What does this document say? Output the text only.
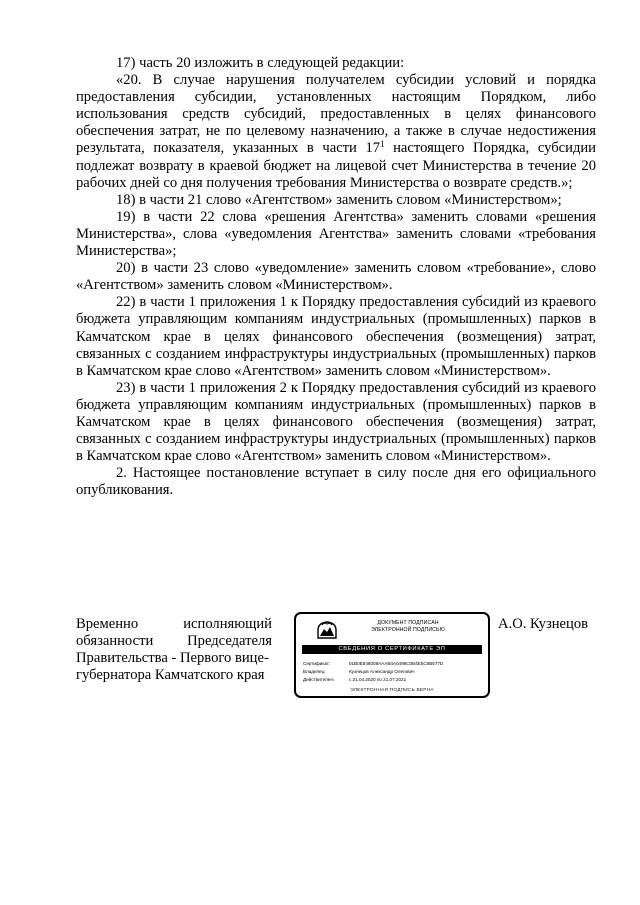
17) часть 20 изложить в следующей редакции:

«20. В случае нарушения получателем субсидии условий и порядка предоставления субсидии, установленных настоящим Порядком, либо использования средств субсидий, предоставленных в целях финансового обеспечения затрат, не по целевому назначению, а также в случае недостижения результата, показателя, указанных в части $17^1$ настоящего Порядка, субсидии подлежат возврату в краевой бюджет на лицевой счет Министерства в течение 20 рабочих дней со дня получения требования Министерства о возврате средств.»;

18) в части 21 слово «Агентством» заменить словом «Министерством»;

19) в части 22 слова «решения Агентства» заменить словами «решения Министерства», слова «уведомления Агентства» заменить словами «требования Министерства»;

20) в части 23 слово «уведомление» заменить словом «требование», слово «Агентством» заменить словом «Министерством».

22) в части 1 приложения 1 к Порядку предоставления субсидий из краевого бюджета управляющим компаниям индустриальных (промышленных) парков в Камчатском крае в целях финансового обеспечения (возмещения) затрат, связанных с созданием инфраструктуры индустриальных (промышленных) парков в Камчатском крае слово «Агентством» заменить словом «Министерством».

23) в части 1 приложения 2 к Порядку предоставления субсидий из краевого бюджета управляющим компаниям индустриальных (промышленных) парков в Камчатском крае в целях финансового обеспечения (возмещения) затрат, связанных с созданием инфраструктуры индустриальных (промышленных) парков в Камчатском крае слово «Агентством» заменить словом «Министерством».

2. Настоящее постановление вступает в силу после дня его официального опубликования.

Временно	исполняющий
обязанности Председателя
Правительства - Первого вице-
губернатора Камчатского края
ДОКУМЕНТ ПОДПИСАН
ЭЛЕКТРОННОЙ ПОДПИСЬЮ
СВЕДЕНИЯ О СЕРТИФИКАТЕ ЭП
Сертификат:	01B0E548008AAAB4A0498C0B4E5C6B577D
Владелец:	Кузнецов Александр Олегович
Действителен:	с 21.04.2020 по 21.07.2021
ЭЛЕКТРОННАЯ ПОДПИСЬ ВЕРНА
А.О. Кузнецов
